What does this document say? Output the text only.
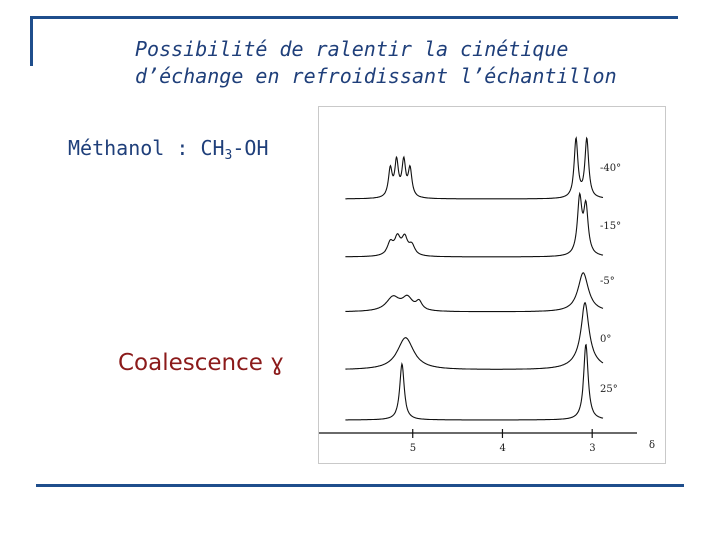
Possibilité de ralentir la cinétique
d’échange en refroidissant l’échantillon
Méthanol : $CH_3-OH$
Coalescence ɣ
-40°
-15°
-5°
0°
25°
5	4	3	δ
